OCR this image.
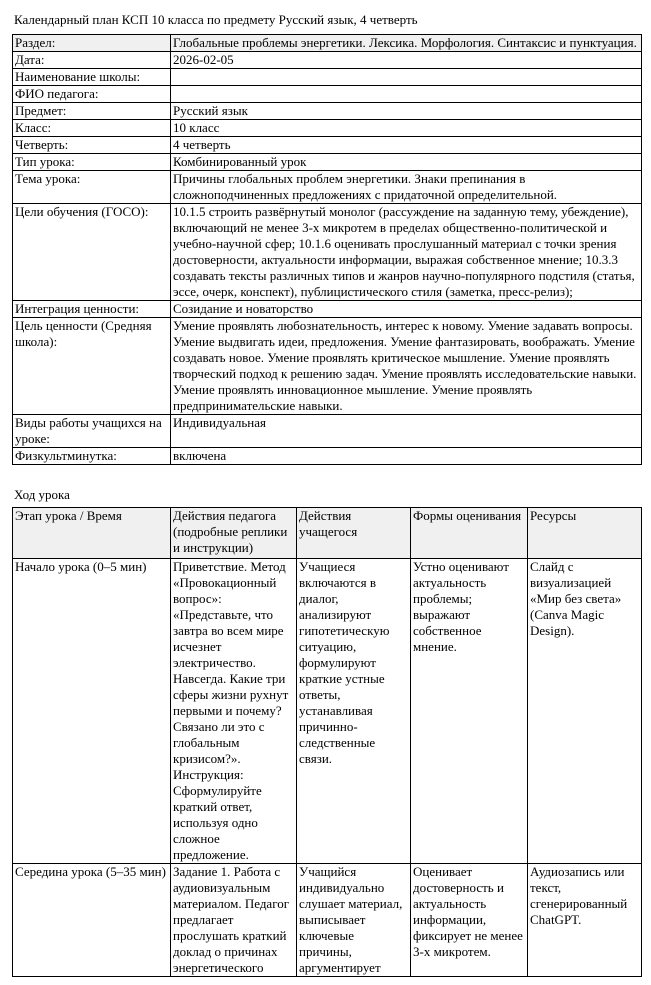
Календарный план КСП 10 класса по предмету Русский язык, 4 четверть
Раздел:	Глобальные проблемы энергетики. Лексика. Морфология. Синтаксис и пунктуация.
Дата:	2026-02-05
Наименование школы:	
ФИО педагога:	
Предмет:	Русский язык
Класс:	10 класс
Четверть:	4 четверть
Тип урока:	Комбинированный урок
Тема урока:	Причины глобальных проблем энергетики. Знаки препинания в сложноподчиненных предложениях с придаточной определительной.
Цели обучения (ГОСО):	10.1.5 строить развёрнутый монолог (рассуждение на заданную тему, убеждение), включающий не менее 3-х микротем в пределах общественно-политической и учебно-научной сфер; 10.1.6 оценивать прослушанный материал с точки зрения достоверности, актуальности информации, выражая собственное мнение; 10.3.3 создавать тексты различных типов и жанров научно-популярного подстиля (статья, эссе, очерк, конспект), публицистического стиля (заметка, пресс-релиз);
Интеграция ценности:	Созидание и новаторство
Цель ценности (Средняя школа):	Умение проявлять любознательность, интерес к новому. Умение задавать вопросы. Умение выдвигать идеи, предложения. Умение фантазировать, воображать. Умение создавать новое. Умение проявлять критическое мышление. Умение проявлять творческий подход к решению задач. Умение проявлять исследовательские навыки. Умение проявлять инновационное мышление. Умение проявлять предпринимательские навыки.
Виды работы учащихся на уроке:	Индивидуальная
Физкультминутка:	включена
Ход урока
Этап урока / Время	Действия педагога (подробные реплики и инструкции)	Действия учащегося	Формы оценивания	Ресурсы
Начало урока (0–5 мин)	Приветствие. Метод «Провокационный вопрос»: «Представьте, что завтра во всем мире исчезнет электричество. Навсегда. Какие три сферы жизни рухнут первыми и почему? Связано ли это с глобальным кризисом?». Инструкция: Сформулируйте краткий ответ, используя одно сложное предложение.	Учащиеся включаются в диалог, анализируют гипотетическую ситуацию, формулируют краткие устные ответы, устанавливая причинно-следственные связи.	Устно оценивают актуальность проблемы; выражают собственное мнение.	Слайд с визуализацией «Мир без света» (Canva Magic Design).
Середина урока (5–35 мин)	Задание 1. Работа с аудиовизуальным материалом. Педагог предлагает прослушать краткий доклад о причинах энергетического	Учащийся индивидуально слушает материал, выписывает ключевые причины, аргументирует	Оценивает достоверность и актуальность информации, фиксирует не менее 3-х микротем.	Аудиозапись или текст, сгенерированный ChatGPT.
